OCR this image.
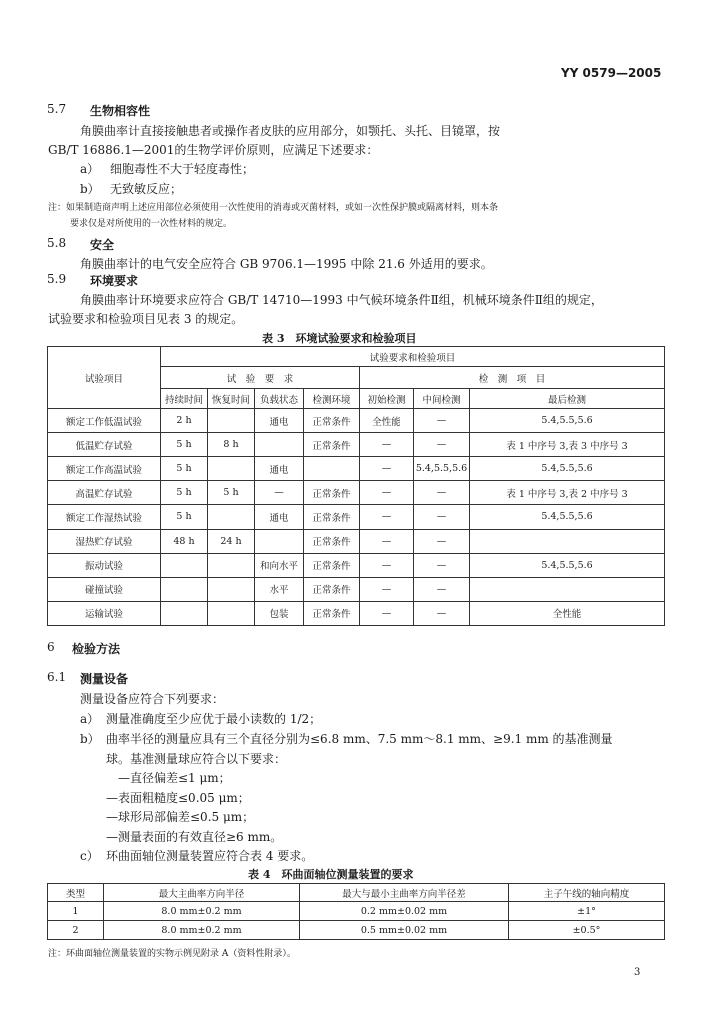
YY 0579—2005
5.7 生物相容性
角膜曲率计直接接触患者或操作者皮肤的应用部分，如颚托、头托、目镜罩，按
GB/T 16886.1—2001的生物学评价原则，应满足下述要求：
a） 细胞毒性不大于轻度毒性；
b） 无致敏反应；
注：如果制造商声明上述应用部位必须使用一次性使用的消毒或灭菌材料，或如一次性保护膜或隔离材料，则本条
要求仅是对所使用的一次性材料的规定。
5.8 安全
角膜曲率计的电气安全应符合 GB 9706.1—1995 中除 21.6 外适用的要求。
5.9 环境要求
角膜曲率计环境要求应符合 GB/T 14710—1993 中气候环境条件Ⅱ组，机械环境条件Ⅱ组的规定，
试验要求和检验项目见表 3 的规定。
表 3　环境试验要求和检验项目
试验项目	试验要求和检验项目						
	试　验　要　求				检　测　项　目		
	持续时间	恢复时间	负载状态	检测环境	初始检测	中间检测	最后检测
额定工作低温试验	2 h		通电	正常条件	全性能	—	5.4,5.5,5.6
低温贮存试验	5 h	8 h		正常条件	—	—	表 1 中序号 3,表 3 中序号 3
额定工作高温试验	5 h		通电		—	5.4,5.5,5.6	5.4,5.5,5.6
高温贮存试验	5 h	5 h	—	正常条件	—	—	表 1 中序号 3,表 2 中序号 3
额定工作湿热试验	5 h		通电	正常条件	—	—	5.4,5.5,5.6
湿热贮存试验	48 h	24 h		正常条件	—	—	
振动试验			和向水平	正常条件	—	—	5.4,5.5,5.6
碰撞试验			水平	正常条件	—	—	
运输试验			包装	正常条件	—	—	全性能
6 检验方法
6.1 测量设备
测量设备应符合下列要求：
a） 测量准确度至少应优于最小读数的 1/2；
b） 曲率半径的测量应具有三个直径分别为≤6.8 mm、7.5 mm～8.1 mm、≥9.1 mm 的基准测量
球。基准测量球应符合以下要求：
—直径偏差≤1 μm；
—表面粗糙度≤0.05 μm；
—球形局部偏差≤0.5 μm；
—测量表面的有效直径≥6 mm。
c） 环曲面轴位测量装置应符合表 4 要求。
表 4　环曲面轴位测量装置的要求
类型	最大主曲率方向半径	最大与最小主曲率方向半径差	主子午线的轴向精度
1	8.0 mm±0.2 mm	0.2 mm±0.02 mm	±1°
2	8.0 mm±0.2 mm	0.5 mm±0.02 mm	±0.5°
注：环曲面轴位测量装置的实物示例见附录 A（资料性附录）。
3
